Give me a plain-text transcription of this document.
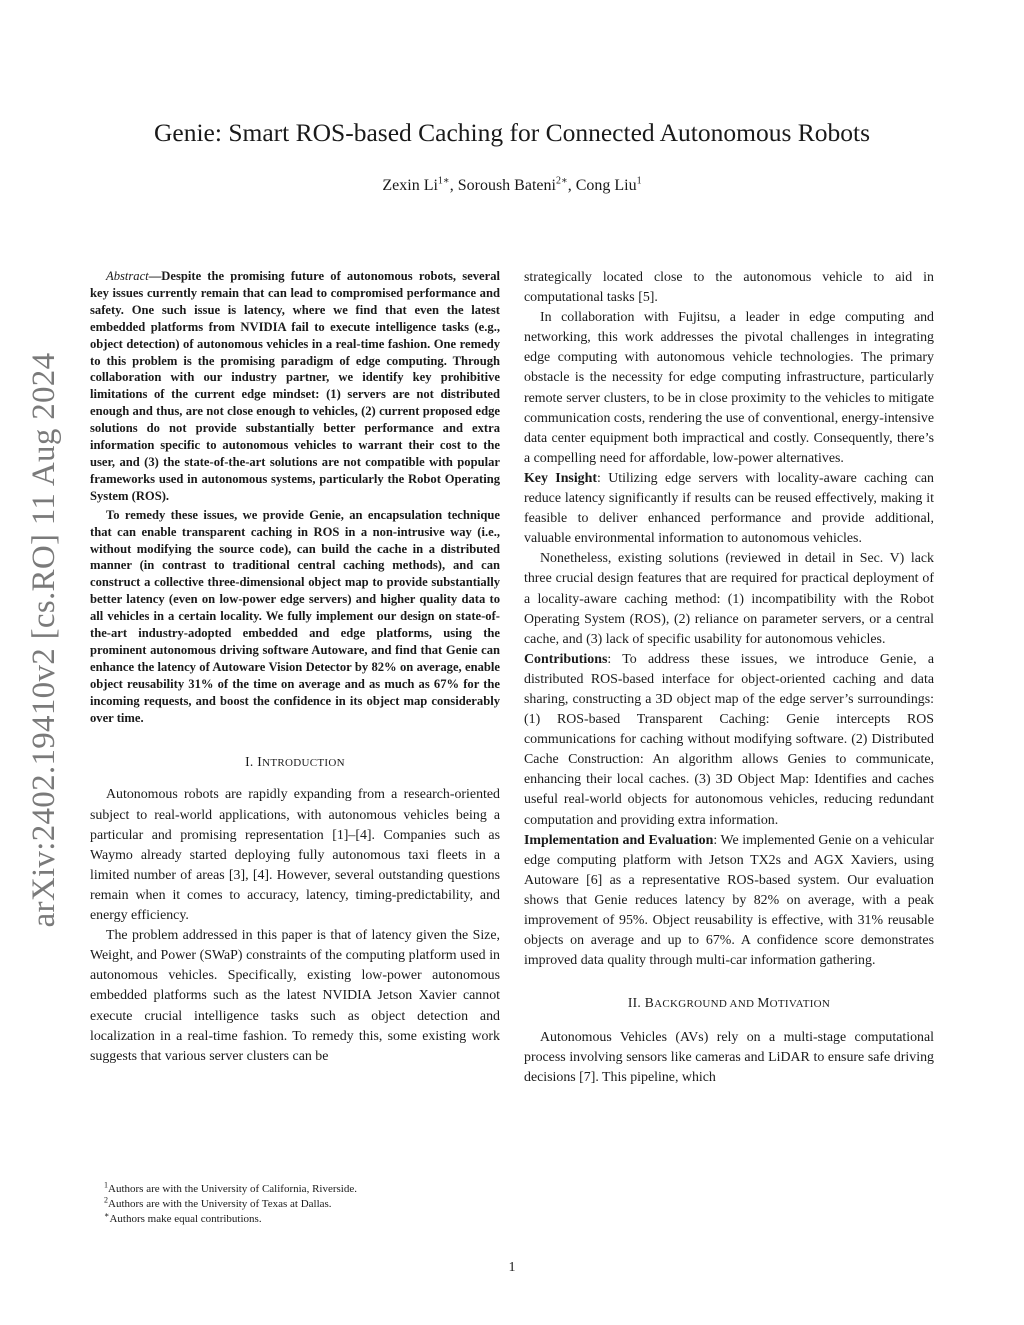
arXiv:2402.19410v2 [cs.RO] 11 Aug 2024
Genie: Smart ROS-based Caching for Connected Autonomous Robots
Zexin $Li^{1∗}$, Soroush Bateni$^{2∗}$, Cong Liu$^1$

Abstract—Despite the promising future of autonomous robots, several key issues currently remain that can lead to compromised performance and safety. One such issue is latency, where we find that even the latest embedded platforms from NVIDIA fail to execute intelligence tasks (e.g., object detection) of autonomous vehicles in a real-time fashion. One remedy to this problem is the promising paradigm of edge computing. Through collaboration with our industry partner, we identify key prohibitive limitations of the current edge mindset: (1) servers are not distributed enough and thus, are not close enough to vehicles, (2) current proposed edge solutions do not provide substantially better performance and extra information specific to autonomous vehicles to warrant their cost to the user, and (3) the state-of-the-art solutions are not compatible with popular frameworks used in autonomous systems, particularly the Robot Operating System (ROS).

To remedy these issues, we provide Genie, an encapsulation technique that can enable transparent caching in ROS in a non-intrusive way (i.e., without modifying the source code), can build the cache in a distributed manner (in contrast to traditional central caching methods), and can construct a collective three-dimensional object map to provide substantially better latency (even on low-power edge servers) and higher quality data to all vehicles in a certain locality. We fully implement our design on state-of-the-art industry-adopted embedded and edge platforms, using the prominent autonomous driving software Autoware, and find that Genie can enhance the latency of Autoware Vision Detector by 82% on average, enable object reusability 31% of the time on average and as much as 67% for the incoming requests, and boost the confidence in its object map considerably over time.

I. INTRODUCTION

Autonomous robots are rapidly expanding from a research-oriented subject to real-world applications, with autonomous vehicles being a particular and promising representation [1]–[4]. Companies such as Waymo already started deploying fully autonomous taxi fleets in a limited number of areas [3], [4]. However, several outstanding questions remain when it comes to accuracy, latency, timing-predictability, and energy efficiency.

The problem addressed in this paper is that of latency given the Size, Weight, and Power (SWaP) constraints of the computing platform used in autonomous vehicles. Specifically, existing low-power autonomous embedded platforms such as the latest NVIDIA Jetson Xavier cannot execute crucial intelligence tasks such as object detection and localization in a real-time fashion. To remedy this, some existing work suggests that various server clusters can be

strategically located close to the autonomous vehicle to aid in computational tasks [5].

In collaboration with Fujitsu, a leader in edge computing and networking, this work addresses the pivotal challenges in integrating edge computing with autonomous vehicle technologies. The primary obstacle is the necessity for edge computing infrastructure, particularly remote server clusters, to be in close proximity to the vehicles to mitigate communication costs, rendering the use of conventional, energy-intensive data center equipment both impractical and costly. Consequently, there’s a compelling need for affordable, low-power alternatives.

Key Insight: Utilizing edge servers with locality-aware caching can reduce latency significantly if results can be reused effectively, making it feasible to deliver enhanced performance and provide additional, valuable environmental information to autonomous vehicles.

Nonetheless, existing solutions (reviewed in detail in Sec. V) lack three crucial design features that are required for practical deployment of a locality-aware caching method: (1) incompatibility with the Robot Operating System (ROS), (2) reliance on parameter servers, or a central cache, and (3) lack of specific usability for autonomous vehicles.

Contributions: To address these issues, we introduce Genie, a distributed ROS-based interface for object-oriented caching and data sharing, constructing a 3D object map of the edge server’s surroundings: (1) ROS-based Transparent Caching: Genie intercepts ROS communications for caching without modifying software. (2) Distributed Cache Construction: An algorithm allows Genies to communicate, enhancing their local caches. (3) 3D Object Map: Identifies and caches useful real-world objects for autonomous vehicles, reducing redundant computation and providing extra information.

Implementation and Evaluation: We implemented Genie on a vehicular edge computing platform with Jetson TX2s and AGX Xaviers, using Autoware [6] as a representative ROS-based system. Our evaluation shows that Genie reduces latency by 82% on average, with a peak improvement of 95%. Object reusability is effective, with 31% reusable objects on average and up to 67%. A confidence score demonstrates improved data quality through multi-car information gathering.

II. BACKGROUND AND MOTIVATION

Autonomous Vehicles (AVs) rely on a multi-stage computational process involving sensors like cameras and LiDAR to ensure safe driving decisions [7]. This pipeline, which

$^1$Authors are with the University of California, Riverside.
$^2$Authors are with the University of Texas at Dallas.
∗Authors make equal contributions.
1
